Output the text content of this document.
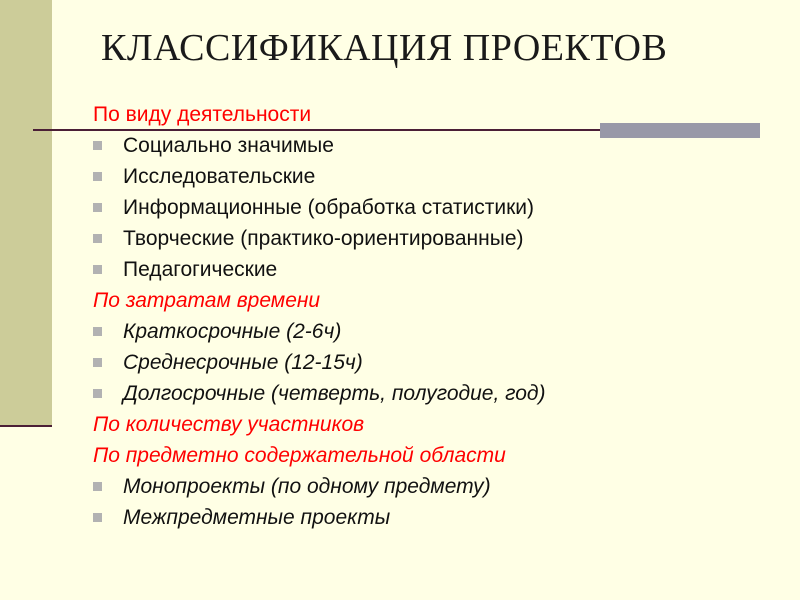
КЛАССИФИКАЦИЯ ПРОЕКТОВ
По виду деятельности
Социально значимые
Исследовательские
Информационные (обработка статистики)
Творческие (практико-ориентированные)
Педагогические
По затратам времени
Краткосрочные (2-6ч)
Среднесрочные (12-15ч)
Долгосрочные (четверть, полугодие, год)
По количеству участников
По предметно содержательной области
Монопроекты (по одному предмету)
Межпредметные проекты
